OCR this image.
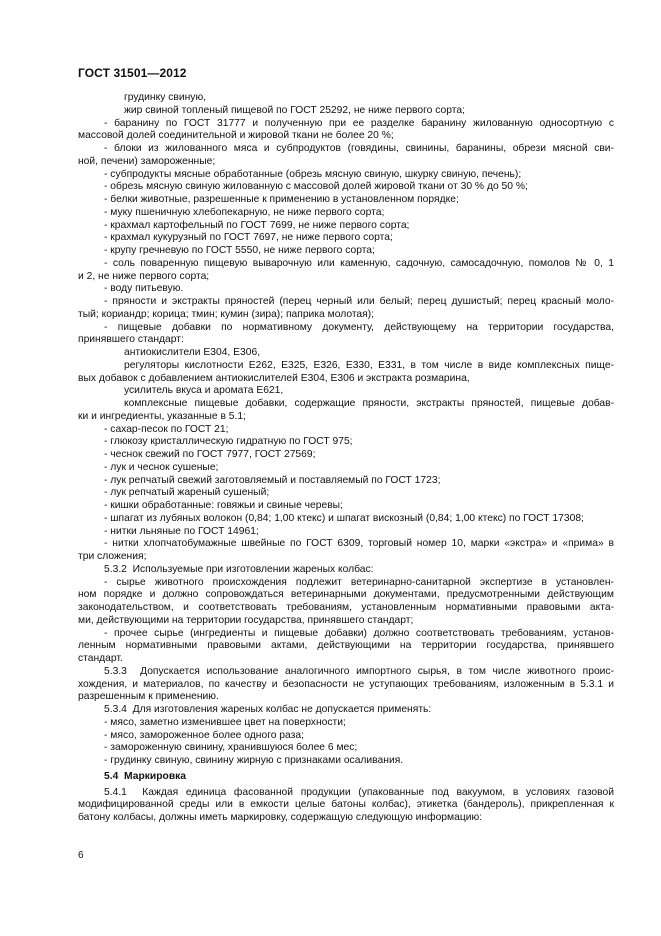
ГОСТ 31501—2012
грудинку свиную,
жир свиной топленый пищевой по ГОСТ 25292, не ниже первого сорта;
- баранину по ГОСТ 31777 и полученную при ее разделке баранину жилованную односортную с
массовой долей соединительной и жировой ткани не более 20 %;
- блоки из жилованного мяса и субпродуктов (говядины, свинины, баранины, обрези мясной сви-
ной, печени) замороженные;
- субпродукты мясные обработанные (обрезь мясную свиную, шкурку свиную, печень);
- обрезь мясную свиную жилованную с массовой долей жировой ткани от 30 % до 50 %;
- белки животные, разрешенные к применению в установленном порядке;
- муку пшеничную хлебопекарную, не ниже первого сорта;
- крахмал картофельный по ГОСТ 7699, не ниже первого сорта;
- крахмал кукурузный по ГОСТ 7697, не ниже первого сорта;
- крупу гречневую по ГОСТ 5550, не ниже первого сорта;
- соль поваренную пищевую выварочную или каменную, садочную, самосадочную, помолов № 0, 1
и 2, не ниже первого сорта;
- воду питьевую.
- пряности и экстракты пряностей (перец черный или белый; перец душистый; перец красный моло-
тый; кориандр; корица; тмин; кумин (зира); паприка молотая);
- пищевые добавки по нормативному документу, действующему на территории государства,
принявшего стандарт:
антиокислители Е304, Е306,
регуляторы кислотности Е262, Е325, Е326, Е330, Е331, в том числе в виде комплексных пище-
вых добавок с добавлением антиокислителей Е304, Е306 и экстракта розмарина,
усилитель вкуса и аромата Е621,
комплексные пищевые добавки, содержащие пряности, экстракты пряностей, пищевые добав-
ки и ингредиенты, указанные в 5.1;
- сахар-песок по ГОСТ 21;
- глюкозу кристаллическую гидратную по ГОСТ 975;
- чеснок свежий по ГОСТ 7977, ГОСТ 27569;
- лук и чеснок сушеные;
- лук репчатый свежий заготовляемый и поставляемый по ГОСТ 1723;
- лук репчатый жареный сушеный;
- кишки обработанные: говяжьи и свиные черевы;
- шпагат из лубяных волокон (0,84; 1,00 ктекс) и шпагат вискозный (0,84; 1,00 ктекс) по ГОСТ 17308;
- нитки льняные по ГОСТ 14961;
- нитки хлопчатобумажные швейные по ГОСТ 6309, торговый номер 10, марки «экстра» и «прима» в
три сложения;
5.3.2  Используемые при изготовлении жареных колбас:
- сырье животного происхождения подлежит ветеринарно-санитарной экспертизе в установлен-
ном порядке и должно сопровождаться ветеринарными документами, предусмотренными действующим
законодательством, и соответствовать требованиям, установленным нормативными правовыми акта-
ми, действующими на территории государства, принявшего стандарт;
- прочее сырье (ингредиенты и пищевые добавки) должно соответствовать требованиям, установ-
ленным нормативными правовыми актами, действующими на территории государства, принявшего
стандарт.
5.3.3  Допускается использование аналогичного импортного сырья, в том числе животного проис-
хождения, и материалов, по качеству и безопасности не уступающих требованиям, изложенным в 5.3.1 и
разрешенным к применению.
5.3.4  Для изготовления жареных колбас не допускается применять:
- мясо, заметно изменившее цвет на поверхности;
- мясо, замороженное более одного раза;
- замороженную свинину, хранившуюся более 6 мес;
- грудинку свиную, свинину жирную с признаками осаливания.
5.4  Маркировка
5.4.1  Каждая единица фасованной продукции (упакованные под вакуумом, в условиях газовой
модифицированной среды или в емкости целые батоны колбас), этикетка (бандероль), прикрепленная к
батону колбасы, должны иметь маркировку, содержащую следующую информацию:
6
